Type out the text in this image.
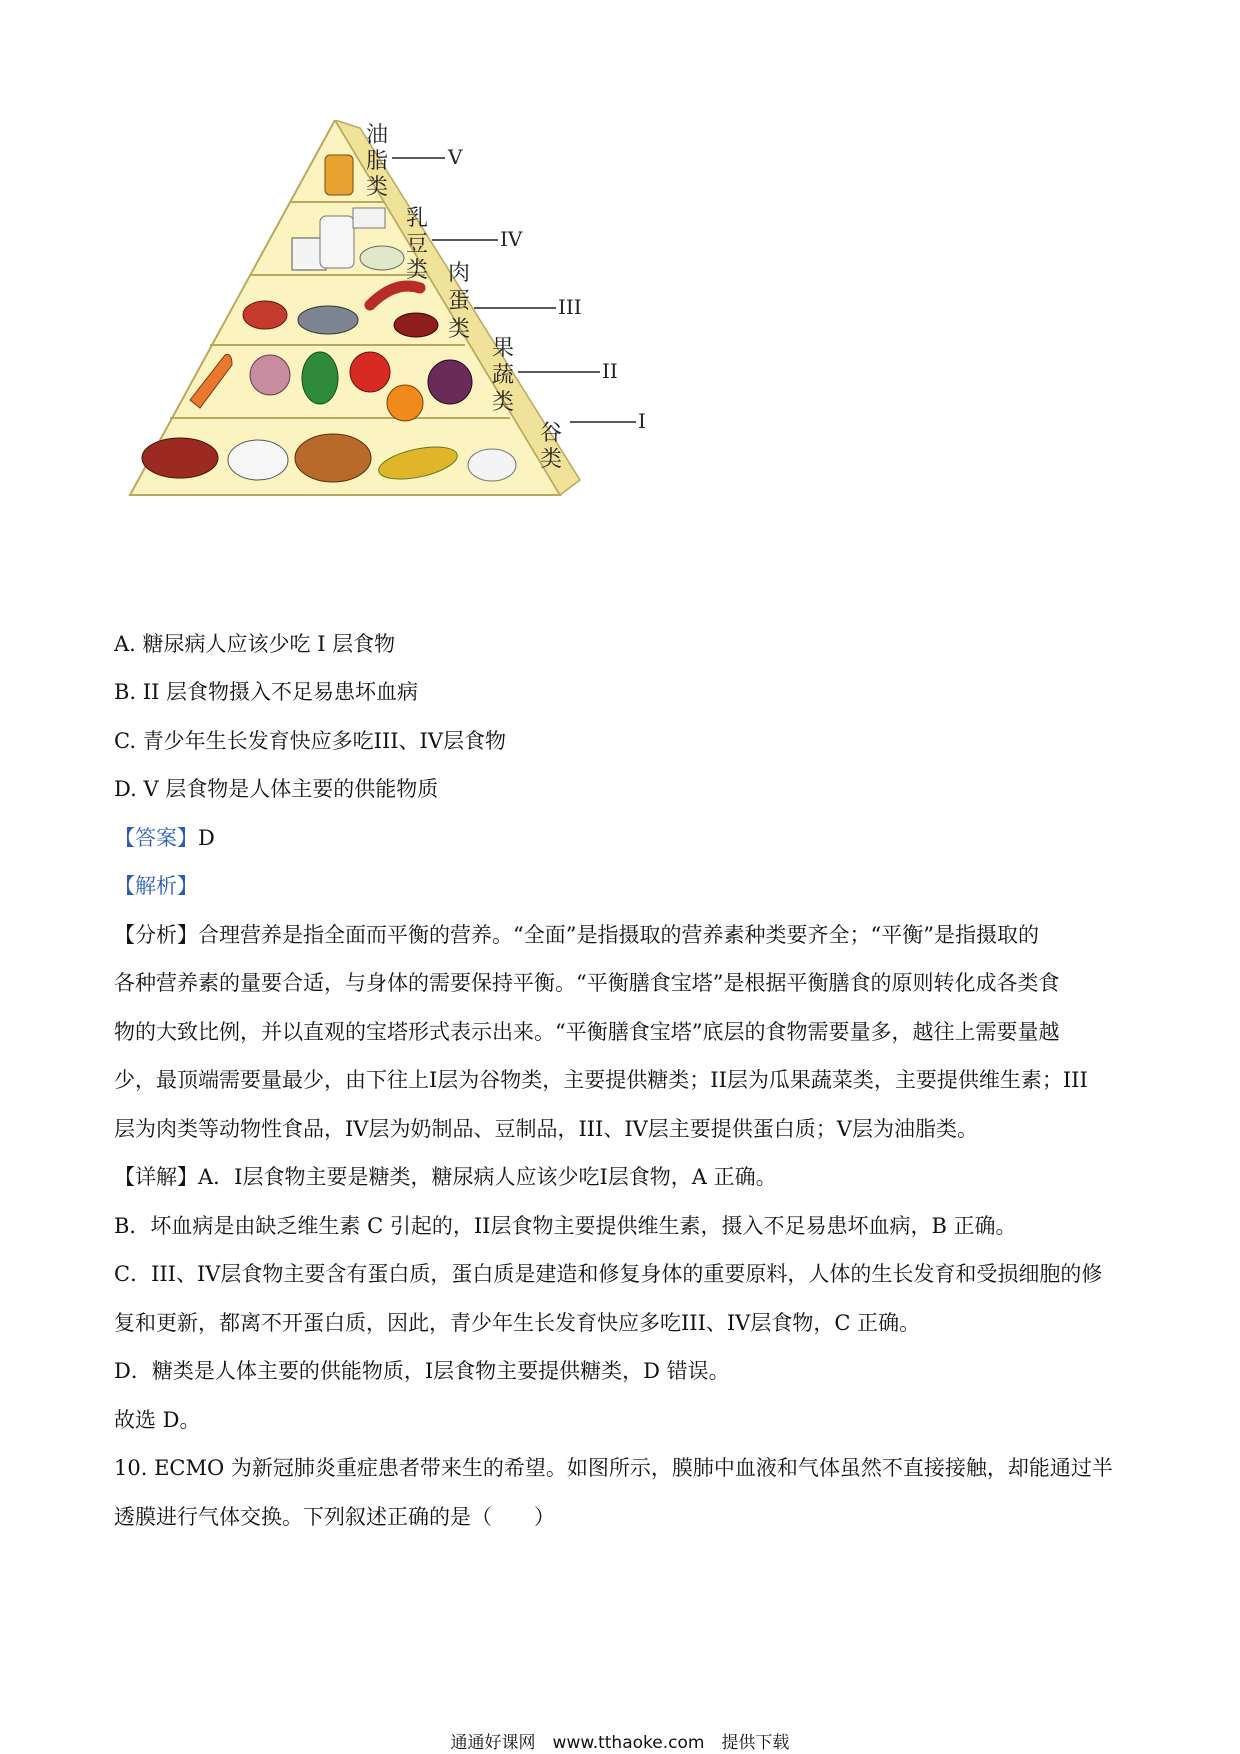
油
脂
类
V
乳
豆
类
IV
肉
蛋
类
III
果
蔬
类
II
谷
类
I
A. 糖尿病人应该少吃 I 层食物
B. II 层食物摄入不足易患坏血病
C. 青少年生长发育快应多吃III、IV层食物
D. V 层食物是人体主要的供能物质
【答案】D
【解析】
【分析】合理营养是指全面而平衡的营养。“全面”是指摄取的营养素种类要齐全；“平衡”是指摄取的
各种营养素的量要合适，与身体的需要保持平衡。“平衡膳食宝塔”是根据平衡膳食的原则转化成各类食
物的大致比例，并以直观的宝塔形式表示出来。“平衡膳食宝塔”底层的食物需要量多，越往上需要量越
少，最顶端需要量最少，由下往上I层为谷物类，主要提供糖类；II层为瓜果蔬菜类，主要提供维生素；III
层为肉类等动物性食品，IV层为奶制品、豆制品，III、IV层主要提供蛋白质；V层为油脂类。
【详解】A．I层食物主要是糖类，糖尿病人应该少吃I层食物，A 正确。
B．坏血病是由缺乏维生素 C 引起的，II层食物主要提供维生素，摄入不足易患坏血病，B 正确。
C．III、IV层食物主要含有蛋白质，蛋白质是建造和修复身体的重要原料，人体的生长发育和受损细胞的修
复和更新，都离不开蛋白质，因此，青少年生长发育快应多吃III、IV层食物，C 正确。
D．糖类是人体主要的供能物质，I层食物主要提供糖类，D 错误。
故选 D。
10. ECMO 为新冠肺炎重症患者带来生的希望。如图所示，膜肺中血液和气体虽然不直接接触，却能通过半
透膜进行气体交换。下列叙述正确的是（　　）
通通好课网　www.tthaoke.com　提供下载
